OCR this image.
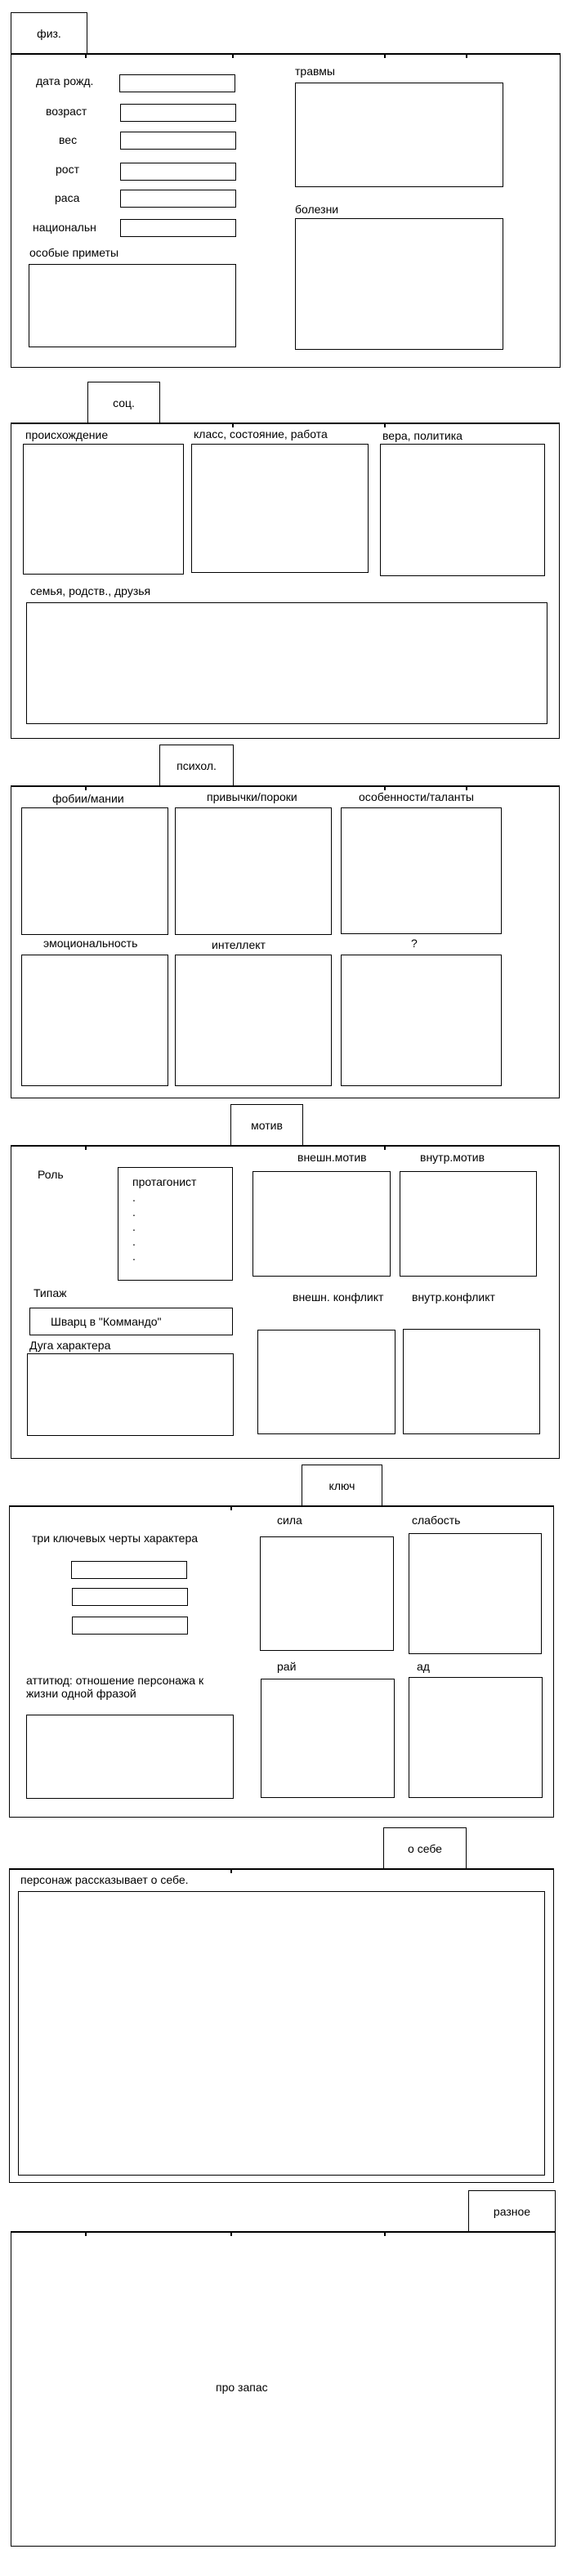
физ.
дата рожд.
возраст
вес
рост
раса
национальн
особые приметы
травмы
болезни
соц.
происхождение	класс, состояние, работа	вера, политика
семья, родств., друзья
психол.
фобии/мании	привычки/пороки	особенности/таланты
эмоциональность	интеллект	?
мотив
Роль
протагонист
.
.
.
.
.
внешн.мотив	внутр.мотив
Типаж
Шварц в "Коммандо"
Дуга характера
внешн. конфликт внутр.конфликт
ключ
три ключевых черты характера
аттитюд: отношение персонажа к жизни одной фразой
сила	слабость
рай	ад
о себе
персонаж рассказывает о себе.
разное
про запас
